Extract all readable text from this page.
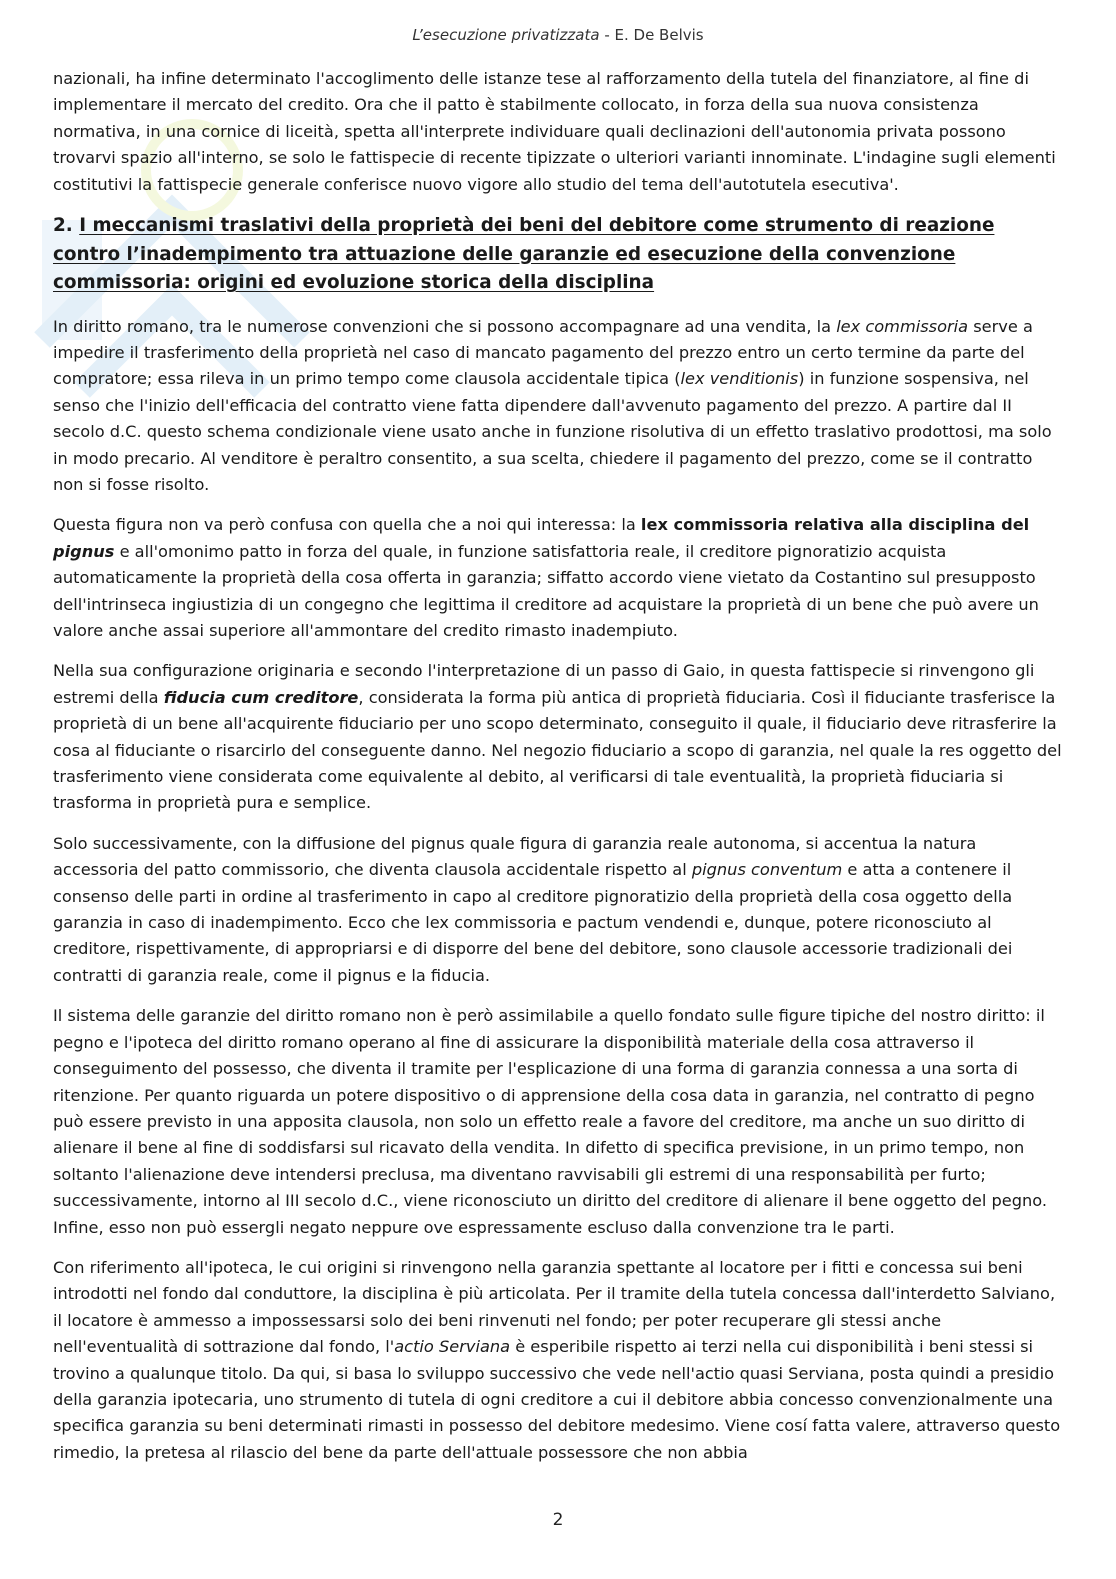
L’esecuzione privatizzata - E. De Belvis

nazionali, ha infine determinato l'accoglimento delle istanze tese al rafforzamento della tutela del finanziatore, al fine di implementare il mercato del credito. Ora che il patto è stabilmente collocato, in forza della sua nuova consistenza normativa, in una cornice di liceità, spetta all'interprete individuare quali declinazioni dell'autonomia privata possono trovarvi spazio all'interno, se solo le fattispecie di recente tipizzate o ulteriori varianti innominate. L'indagine sugli elementi costitutivi la fattispecie generale conferisce nuovo vigore allo studio del tema dell'autotutela esecutiva'.

2. I meccanismi traslativi della proprietà dei beni del debitore come strumento di reazione contro l’inadempimento tra attuazione delle garanzie ed esecuzione della convenzione commissoria: origini ed evoluzione storica della disciplina

In diritto romano, tra le numerose convenzioni che si possono accompagnare ad una vendita, la lex commissoria serve a impedire il trasferimento della proprietà nel caso di mancato pagamento del prezzo entro un certo termine da parte del compratore; essa rileva in un primo tempo come clausola accidentale tipica (lex venditionis) in funzione sospensiva, nel senso che l'inizio dell'efficacia del contratto viene fatta dipendere dall'avvenuto pagamento del prezzo. A partire dal II secolo d.C. questo schema condizionale viene usato anche in funzione risolutiva di un effetto traslativo prodottosi, ma solo in modo precario. Al venditore è peraltro consentito, a sua scelta, chiedere il pagamento del prezzo, come se il contratto non si fosse risolto.

Questa figura non va però confusa con quella che a noi qui interessa: la lex commissoria relativa alla disciplina del pignus e all'omonimo patto in forza del quale, in funzione satisfattoria reale, il creditore pignoratizio acquista automaticamente la proprietà della cosa offerta in garanzia; siffatto accordo viene vietato da Costantino sul presupposto dell'intrinseca ingiustizia di un congegno che legittima il creditore ad acquistare la proprietà di un bene che può avere un valore anche assai superiore all'ammontare del credito rimasto inadempiuto.

Nella sua configurazione originaria e secondo l'interpretazione di un passo di Gaio, in questa fattispecie si rinvengono gli estremi della fiducia cum creditore, considerata la forma più antica di proprietà fiduciaria. Così il fiduciante trasferisce la proprietà di un bene all'acquirente fiduciario per uno scopo determinato, conseguito il quale, il fiduciario deve ritrasferire la cosa al fiduciante o risarcirlo del conseguente danno. Nel negozio fiduciario a scopo di garanzia, nel quale la res oggetto del trasferimento viene considerata come equivalente al debito, al verificarsi di tale eventualità, la proprietà fiduciaria si trasforma in proprietà pura e semplice.

Solo successivamente, con la diffusione del pignus quale figura di garanzia reale autonoma, si accentua la natura accessoria del patto commissorio, che diventa clausola accidentale rispetto al pignus conventum e atta a contenere il consenso delle parti in ordine al trasferimento in capo al creditore pignoratizio della proprietà della cosa oggetto della garanzia in caso di inadempimento. Ecco che lex commissoria e pactum vendendi e, dunque, potere riconosciuto al creditore, rispettivamente, di appropriarsi e di disporre del bene del debitore, sono clausole accessorie tradizionali dei contratti di garanzia reale, come il pignus e la fiducia.

Il sistema delle garanzie del diritto romano non è però assimilabile a quello fondato sulle figure tipiche del nostro diritto: il pegno e l'ipoteca del diritto romano operano al fine di assicurare la disponibilità materiale della cosa attraverso il conseguimento del possesso, che diventa il tramite per l'esplicazione di una forma di garanzia connessa a una sorta di ritenzione. Per quanto riguarda un potere dispositivo o di apprensione della cosa data in garanzia, nel contratto di pegno può essere previsto in una apposita clausola, non solo un effetto reale a favore del creditore, ma anche un suo diritto di alienare il bene al fine di soddisfarsi sul ricavato della vendita. In difetto di specifica previsione, in un primo tempo, non soltanto l'alienazione deve intendersi preclusa, ma diventano ravvisabili gli estremi di una responsabilità per furto; successivamente, intorno al III secolo d.C., viene riconosciuto un diritto del creditore di alienare il bene oggetto del pegno. Infine, esso non può essergli negato neppure ove espressamente escluso dalla convenzione tra le parti.

Con riferimento all'ipoteca, le cui origini si rinvengono nella garanzia spettante al locatore per i fitti e concessa sui beni introdotti nel fondo dal conduttore, la disciplina è più articolata. Per il tramite della tutela concessa dall'interdetto Salviano, il locatore è ammesso a impossessarsi solo dei beni rinvenuti nel fondo; per poter recuperare gli stessi anche nell'eventualità di sottrazione dal fondo, l'actio Serviana è esperibile rispetto ai terzi nella cui disponibilità i beni stessi si trovino a qualunque titolo. Da qui, si basa lo sviluppo successivo che vede nell'actio quasi Serviana, posta quindi a presidio della garanzia ipotecaria, uno strumento di tutela di ogni creditore a cui il debitore abbia concesso convenzionalmente una specifica garanzia su beni determinati rimasti in possesso del debitore medesimo. Viene cosí fatta valere, attraverso questo rimedio, la pretesa al rilascio del bene da parte dell'attuale possessore che non abbia

2
